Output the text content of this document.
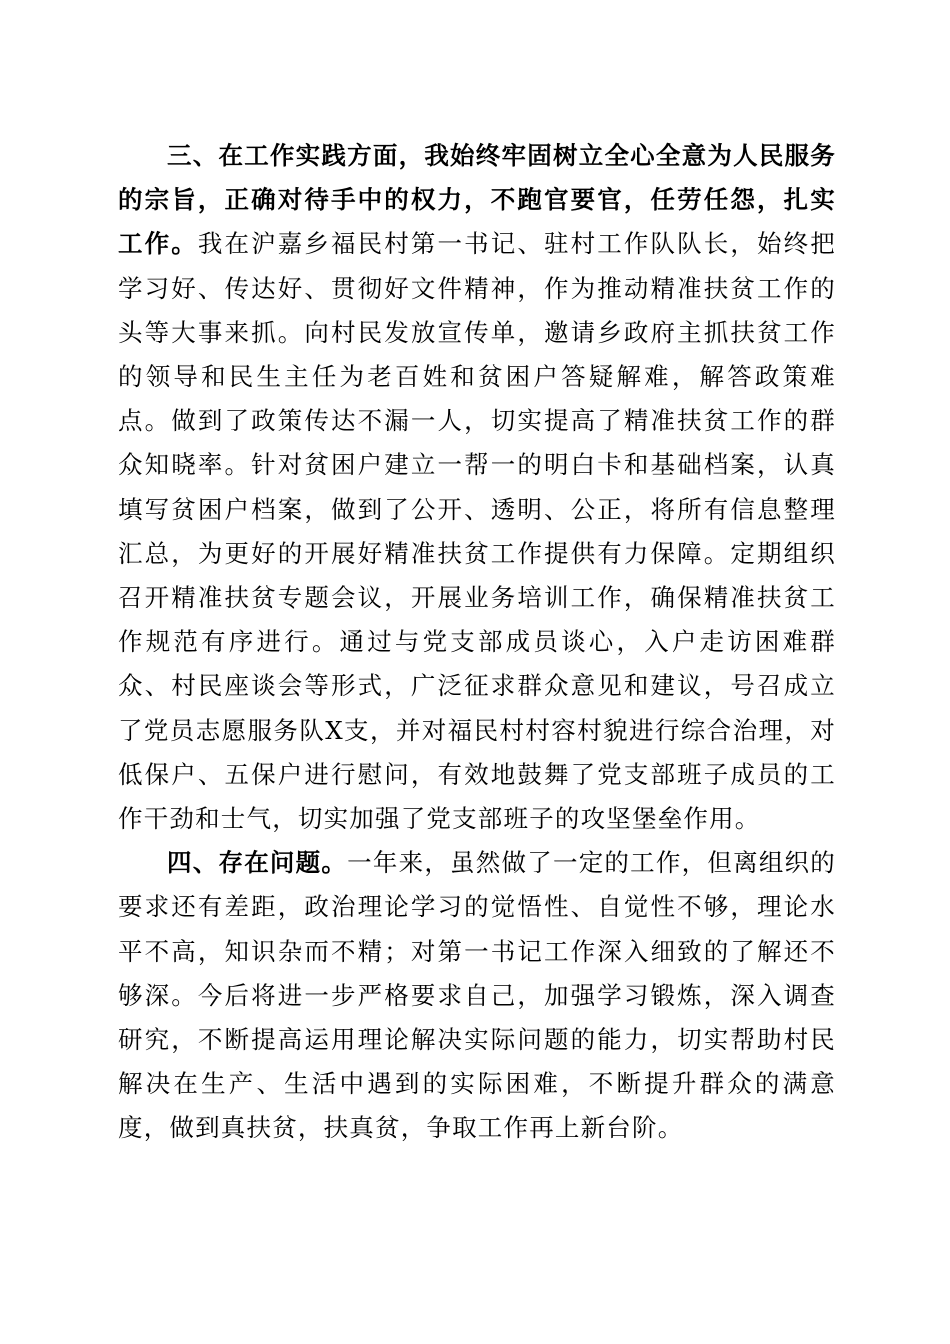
三、在工作实践方面，我始终牢固树立全心全意为人民服务的宗旨，正确对待手中的权力，不跑官要官，任劳任怨，扎实工作。我在沪嘉乡福民村第一书记、驻村工作队队长，始终把学习好、传达好、贯彻好文件精神，作为推动精准扶贫工作的头等大事来抓。向村民发放宣传单，邀请乡政府主抓扶贫工作的领导和民生主任为老百姓和贫困户答疑解难，解答政策难点。做到了政策传达不漏一人，切实提高了精准扶贫工作的群众知晓率。针对贫困户建立一帮一的明白卡和基础档案，认真填写贫困户档案，做到了公开、透明、公正，将所有信息整理汇总，为更好的开展好精准扶贫工作提供有力保障。定期组织召开精准扶贫专题会议，开展业务培训工作，确保精准扶贫工作规范有序进行。通过与党支部成员谈心，入户走访困难群众、村民座谈会等形式，广泛征求群众意见和建议，号召成立了党员志愿服务队X支，并对福民村村容村貌进行综合治理，对低保户、五保户进行慰问，有效地鼓舞了党支部班子成员的工作干劲和士气，切实加强了党支部班子的攻坚堡垒作用。

四、存在问题。一年来，虽然做了一定的工作，但离组织的要求还有差距，政治理论学习的觉悟性、自觉性不够，理论水平不高，知识杂而不精；对第一书记工作深入细致的了解还不够深。今后将进一步严格要求自己，加强学习锻炼，深入调查研究，不断提高运用理论解决实际问题的能力，切实帮助村民解决在生产、生活中遇到的实际困难，不断提升群众的满意度，做到真扶贫，扶真贫，争取工作再上新台阶。
